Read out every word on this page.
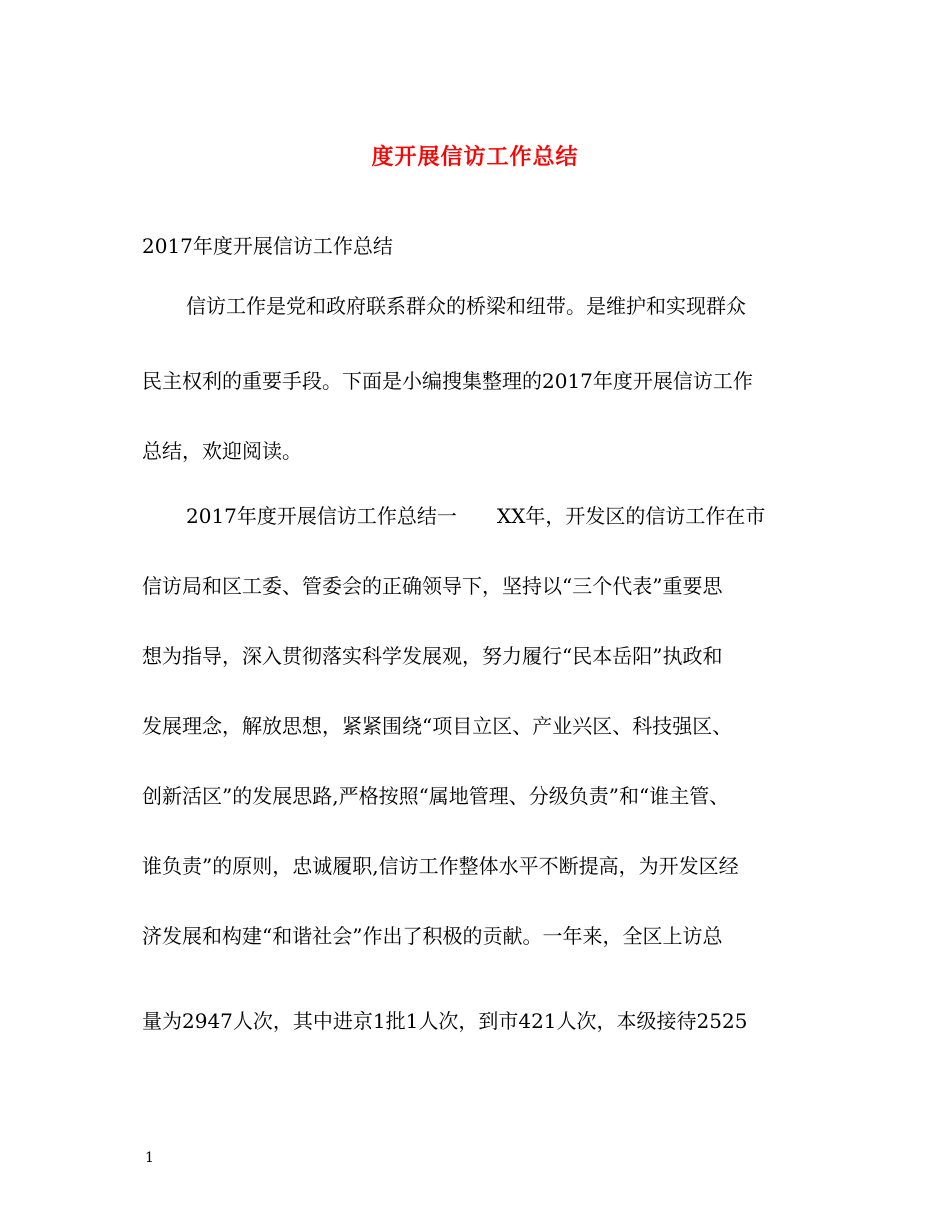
度开展信访工作总结
2017年度开展信访工作总结
信访工作是党和政府联系群众的桥梁和纽带。是维护和实现群众
民主权利的重要手段。下面是小编搜集整理的2017年度开展信访工作
总结，欢迎阅读。
2017年度开展信访工作总结一　　XX年，开发区的信访工作在市
信访局和区工委、管委会的正确领导下，坚持以“三个代表”重要思
想为指导，深入贯彻落实科学发展观，努力履行“民本岳阳”执政和
发展理念，解放思想，紧紧围绕“项目立区、产业兴区、科技强区、
创新活区”的发展思路,严格按照“属地管理、分级负责”和“谁主管、
谁负责”的原则，忠诚履职,信访工作整体水平不断提高，为开发区经
济发展和构建“和谐社会”作出了积极的贡献。一年来，全区上访总
量为2947人次，其中进京1批1人次，到市421人次，本级接待2525
1
